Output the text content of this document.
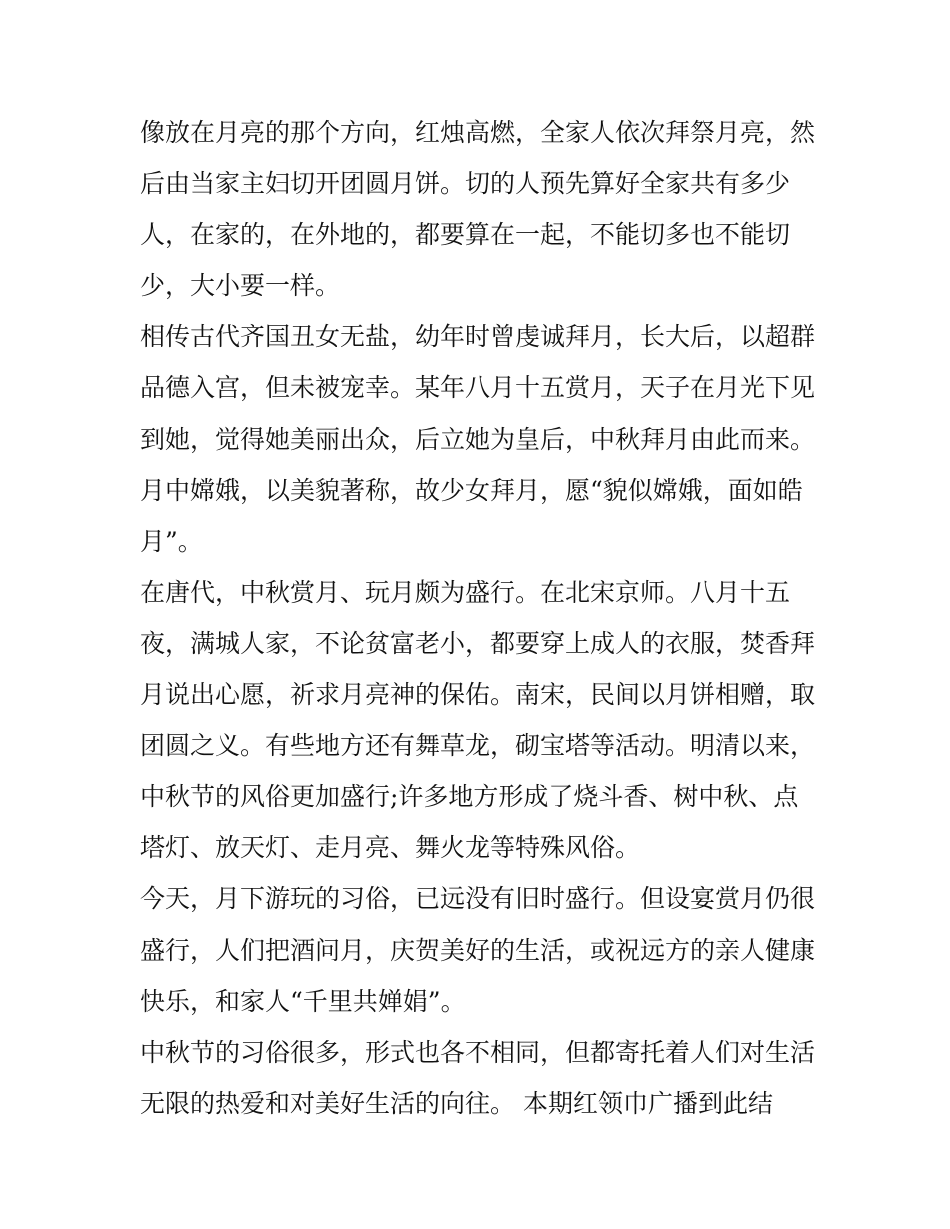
像放在月亮的那个方向，红烛高燃，全家人依次拜祭月亮，然
后由当家主妇切开团圆月饼。切的人预先算好全家共有多少
人，在家的，在外地的，都要算在一起，不能切多也不能切
少，大小要一样。

相传古代齐国丑女无盐，幼年时曾虔诚拜月，长大后，以超群
品德入宫，但未被宠幸。某年八月十五赏月，天子在月光下见
到她，觉得她美丽出众，后立她为皇后，中秋拜月由此而来。
月中嫦娥，以美貌著称，故少女拜月，愿“貌似嫦娥，面如皓
月”。

在唐代，中秋赏月、玩月颇为盛行。在北宋京师。八月十五
夜，满城人家，不论贫富老小，都要穿上成人的衣服，焚香拜
月说出心愿，祈求月亮神的保佑。南宋，民间以月饼相赠，取
团圆之义。有些地方还有舞草龙，砌宝塔等活动。明清以来，
中秋节的风俗更加盛行;许多地方形成了烧斗香、树中秋、点
塔灯、放天灯、走月亮、舞火龙等特殊风俗。

今天，月下游玩的习俗，已远没有旧时盛行。但设宴赏月仍很
盛行，人们把酒问月，庆贺美好的生活，或祝远方的亲人健康
快乐，和家人“千里共婵娟”。

中秋节的习俗很多，形式也各不相同，但都寄托着人们对生活
无限的热爱和对美好生活的向往。 本期红领巾广播到此结
